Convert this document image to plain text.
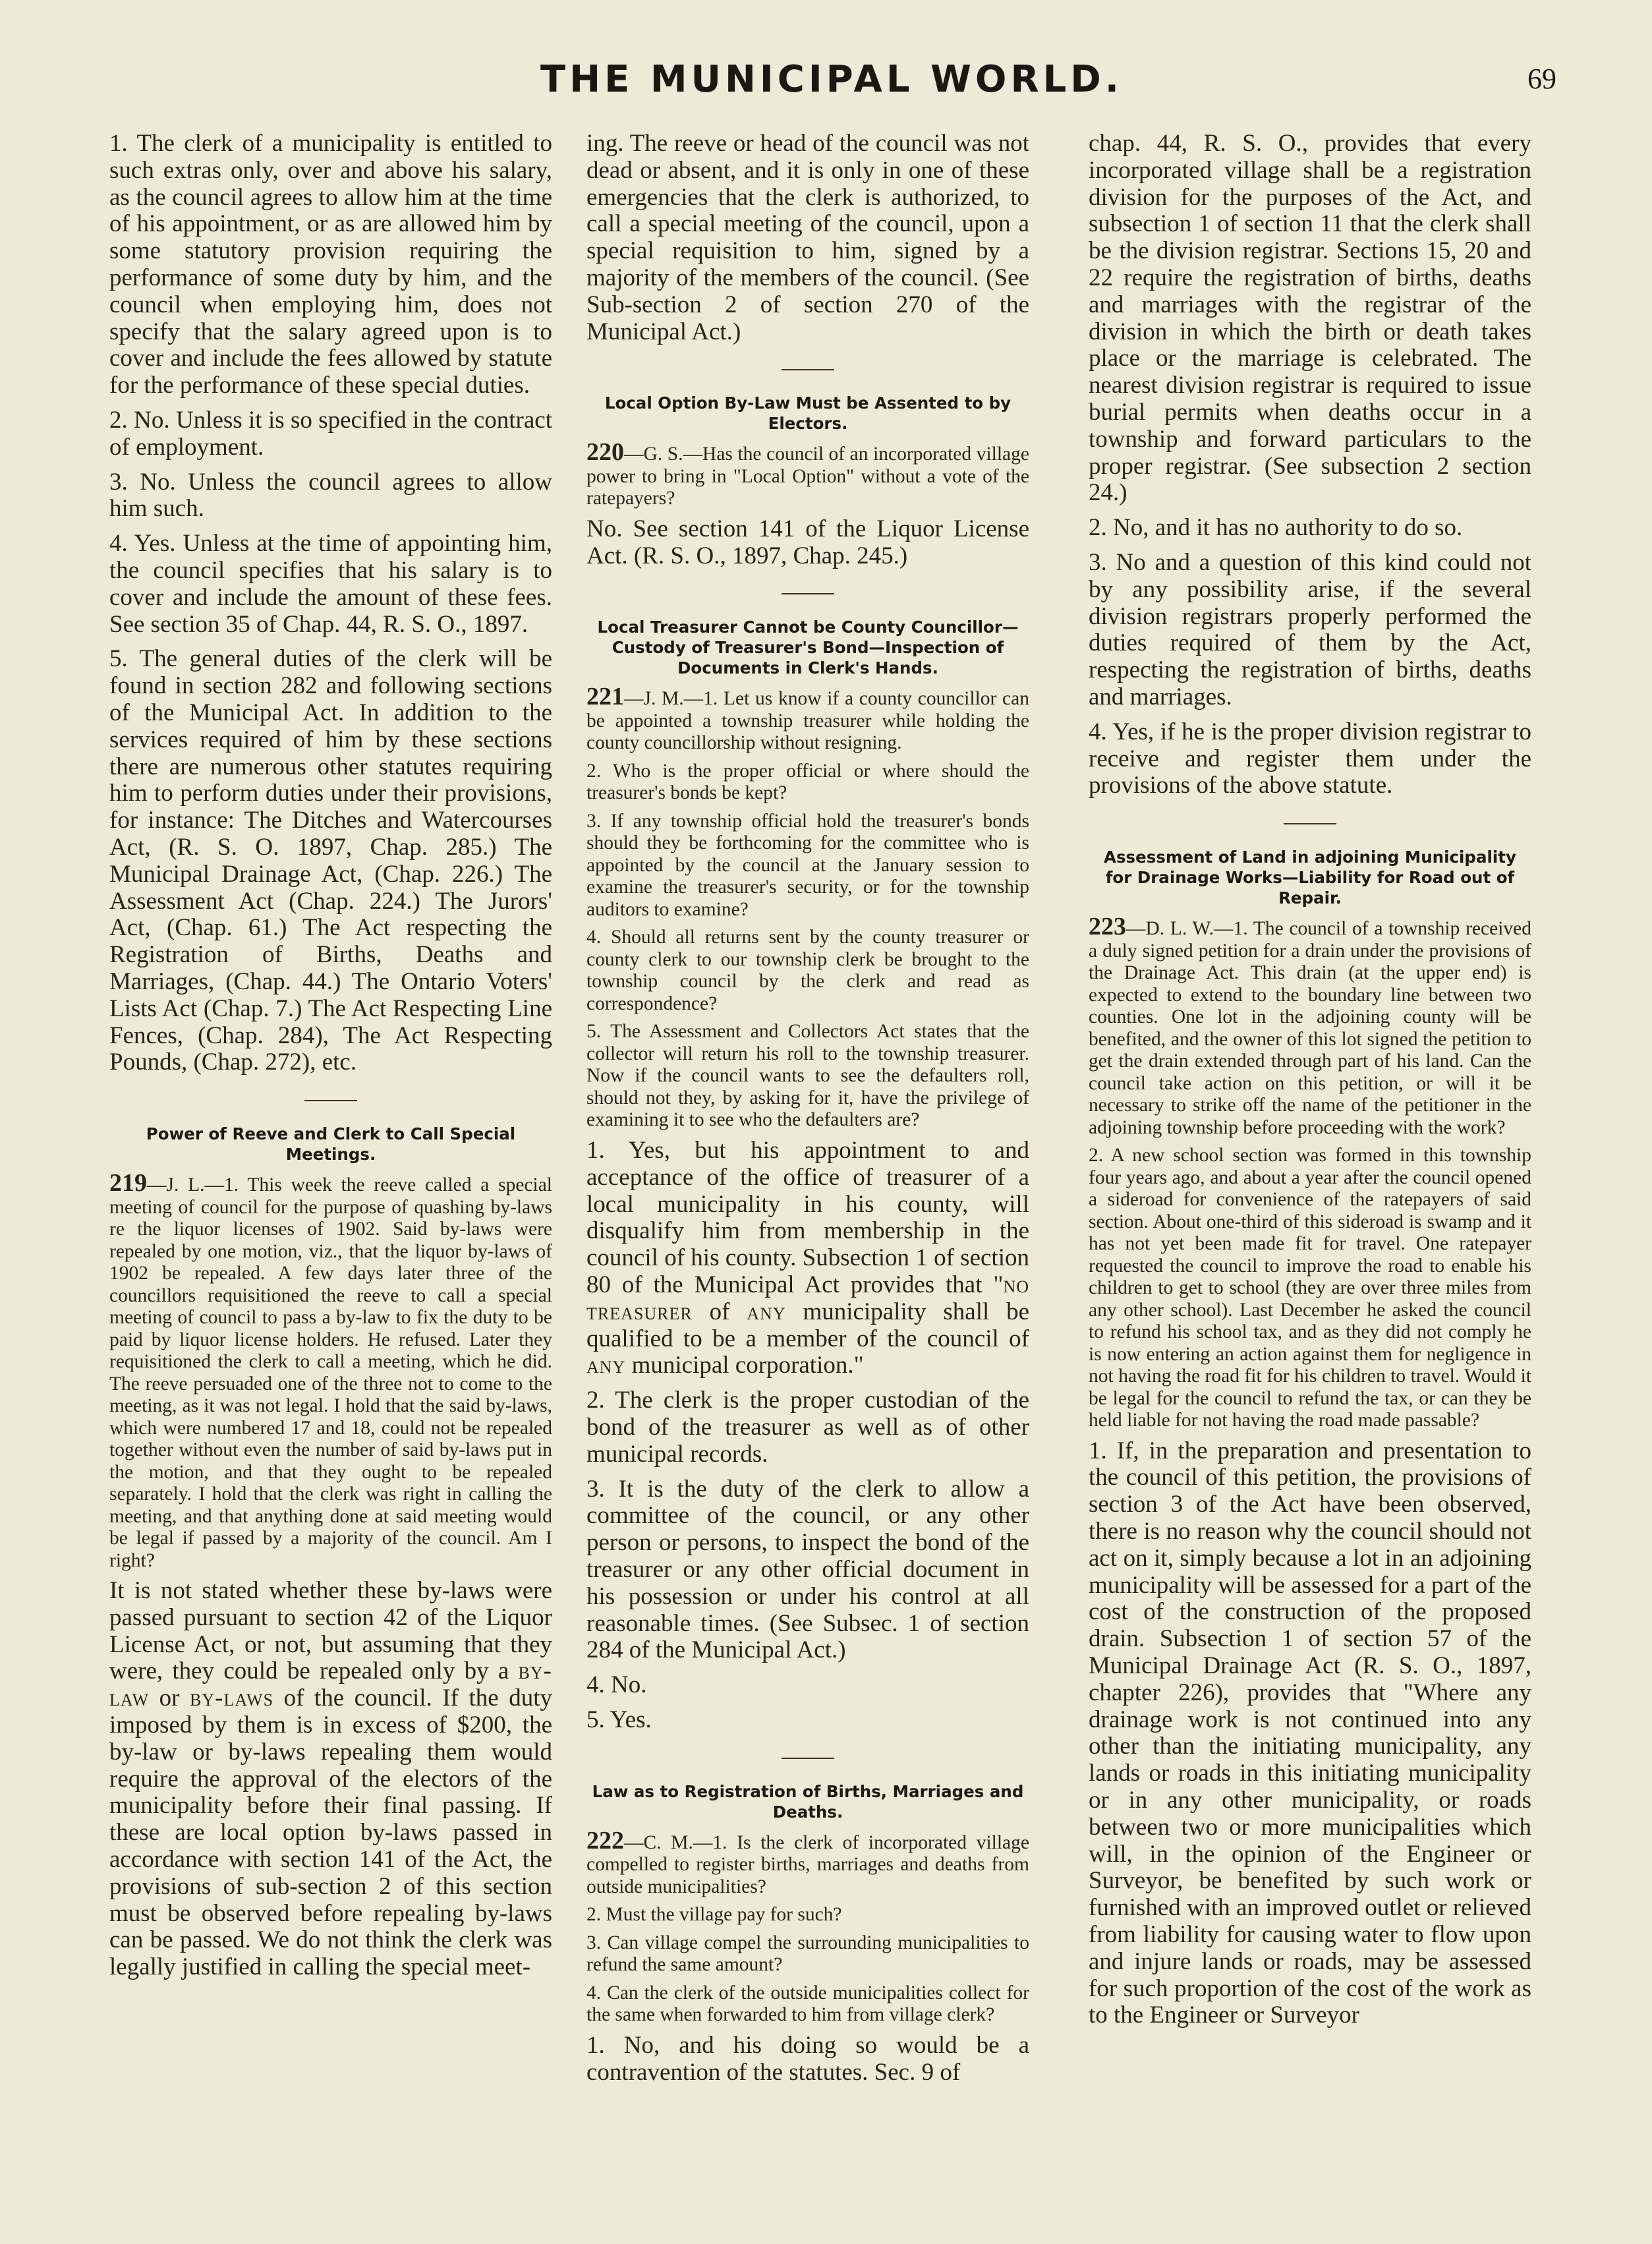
THE MUNICIPAL WORLD.	69

1. The clerk of a municipality is entitled to such extras only, over and above his salary, as the council agrees to allow him at the time of his appointment, or as are allowed him by some statutory provision requiring the performance of some duty by him, and the council when employing him, does not specify that the salary agreed upon is to cover and include the fees allowed by statute for the performance of these special duties.

2. No. Unless it is so specified in the contract of employment.

3. No. Unless the council agrees to allow him such.

4. Yes. Unless at the time of appointing him, the council specifies that his salary is to cover and include the amount of these fees. See section 35 of Chap. 44, R. S. O., 1897.

5. The general duties of the clerk will be found in section 282 and following sections of the Municipal Act. In addition to the services required of him by these sections there are numerous other statutes requiring him to perform duties under their provisions, for instance: The Ditches and Watercourses Act, (R. S. O. 1897, Chap. 285.) The Municipal Drainage Act, (Chap. 226.) The Assessment Act (Chap. 224.) The Jurors' Act, (Chap. 61.) The Act respecting the Registration of Births, Deaths and Marriages, (Chap. 44.) The Ontario Voters' Lists Act (Chap. 7.) The Act Respecting Line Fences, (Chap. 284), The Act Respecting Pounds, (Chap. 272), etc.

Power of Reeve and Clerk to Call Special Meetings.

219—J. L.—1. This week the reeve called a special meeting of council for the purpose of quashing by-laws re the liquor licenses of 1902. Said by-laws were repealed by one motion, viz., that the liquor by-laws of 1902 be repealed. A few days later three of the councillors requisitioned the reeve to call a special meeting of council to pass a by-law to fix the duty to be paid by liquor license holders. He refused. Later they requisitioned the clerk to call a meeting, which he did. The reeve persuaded one of the three not to come to the meeting, as it was not legal. I hold that the said by-laws, which were numbered 17 and 18, could not be repealed together without even the number of said by-laws put in the motion, and that they ought to be repealed separately. I hold that the clerk was right in calling the meeting, and that anything done at said meeting would be legal if passed by a majority of the council. Am I right?

It is not stated whether these by-laws were passed pursuant to section 42 of the Liquor License Act, or not, but assuming that they were, they could be repealed only by a by-law or by-laws of the council. If the duty imposed by them is in excess of $200, the by-law or by-laws repealing them would require the approval of the electors of the municipality before their final passing. If these are local option by-laws passed in accordance with section 141 of the Act, the provisions of sub-section 2 of this section must be observed before repealing by-laws can be passed. We do not think the clerk was legally justified in calling the special meet-

ing. The reeve or head of the council was not dead or absent, and it is only in one of these emergencies that the clerk is authorized, to call a special meeting of the council, upon a special requisition to him, signed by a majority of the members of the council. (See Sub-section 2 of section 270 of the Municipal Act.)

Local Option By-Law Must be Assented to by Electors.

220—G. S.—Has the council of an incorporated village power to bring in "Local Option" without a vote of the ratepayers?

No. See section 141 of the Liquor License Act. (R. S. O., 1897, Chap. 245.)

Local Treasurer Cannot be County Councillor—Custody of Treasurer's Bond—Inspection of Documents in Clerk's Hands.

221—J. M.—1. Let us know if a county councillor can be appointed a township treasurer while holding the county councillorship without resigning.

2. Who is the proper official or where should the treasurer's bonds be kept?

3. If any township official hold the treasurer's bonds should they be forthcoming for the committee who is appointed by the council at the January session to examine the treasurer's security, or for the township auditors to examine?

4. Should all returns sent by the county treasurer or county clerk to our township clerk be brought to the township council by the clerk and read as correspondence?

5. The Assessment and Collectors Act states that the collector will return his roll to the township treasurer. Now if the council wants to see the defaulters roll, should not they, by asking for it, have the privilege of examining it to see who the defaulters are?

1. Yes, but his appointment to and acceptance of the office of treasurer of a local municipality in his county, will disqualify him from membership in the council of his county. Subsection 1 of section 80 of the Municipal Act provides that "no treasurer of any municipality shall be qualified to be a member of the council of any municipal corporation."

2. The clerk is the proper custodian of the bond of the treasurer as well as of other municipal records.

3. It is the duty of the clerk to allow a committee of the council, or any other person or persons, to inspect the bond of the treasurer or any other official document in his possession or under his control at all reasonable times. (See Subsec. 1 of section 284 of the Municipal Act.)

4. No.

5. Yes.

Law as to Registration of Births, Marriages and Deaths.

222—C. M.—1. Is the clerk of incorporated village compelled to register births, marriages and deaths from outside municipalities?

2. Must the village pay for such?

3. Can village compel the surrounding municipalities to refund the same amount?

4. Can the clerk of the outside municipalities collect for the same when forwarded to him from village clerk?

1. No, and his doing so would be a contravention of the statutes. Sec. 9 of

chap. 44, R. S. O., provides that every incorporated village shall be a registration division for the purposes of the Act, and subsection 1 of section 11 that the clerk shall be the division registrar. Sections 15, 20 and 22 require the registration of births, deaths and marriages with the registrar of the division in which the birth or death takes place or the marriage is celebrated. The nearest division registrar is required to issue burial permits when deaths occur in a township and forward particulars to the proper registrar. (See subsection 2 section 24.)

2. No, and it has no authority to do so.

3. No and a question of this kind could not by any possibility arise, if the several division registrars properly performed the duties required of them by the Act, respecting the registration of births, deaths and marriages.

4. Yes, if he is the proper division registrar to receive and register them under the provisions of the above statute.

Assessment of Land in adjoining Municipality for Drainage Works—Liability for Road out of Repair.

223—D. L. W.—1. The council of a township received a duly signed petition for a drain under the provisions of the Drainage Act. This drain (at the upper end) is expected to extend to the boundary line between two counties. One lot in the adjoining county will be benefited, and the owner of this lot signed the petition to get the drain extended through part of his land. Can the council take action on this petition, or will it be necessary to strike off the name of the petitioner in the adjoining township before proceeding with the work?

2. A new school section was formed in this township four years ago, and about a year after the council opened a sideroad for convenience of the ratepayers of said section. About one-third of this sideroad is swamp and it has not yet been made fit for travel. One ratepayer requested the council to improve the road to enable his children to get to school (they are over three miles from any other school). Last December he asked the council to refund his school tax, and as they did not comply he is now entering an action against them for negligence in not having the road fit for his children to travel. Would it be legal for the council to refund the tax, or can they be held liable for not having the road made passable?

1. If, in the preparation and presentation to the council of this petition, the provisions of section 3 of the Act have been observed, there is no reason why the council should not act on it, simply because a lot in an adjoining municipality will be assessed for a part of the cost of the construction of the proposed drain. Subsection 1 of section 57 of the Municipal Drainage Act (R. S. O., 1897, chapter 226), provides that "Where any drainage work is not continued into any other than the initiating municipality, any lands or roads in this initiating municipality or in any other municipality, or roads between two or more municipalities which will, in the opinion of the Engineer or Surveyor, be benefited by such work or furnished with an improved outlet or relieved from liability for causing water to flow upon and injure lands or roads, may be assessed for such proportion of the cost of the work as to the Engineer or Surveyor
